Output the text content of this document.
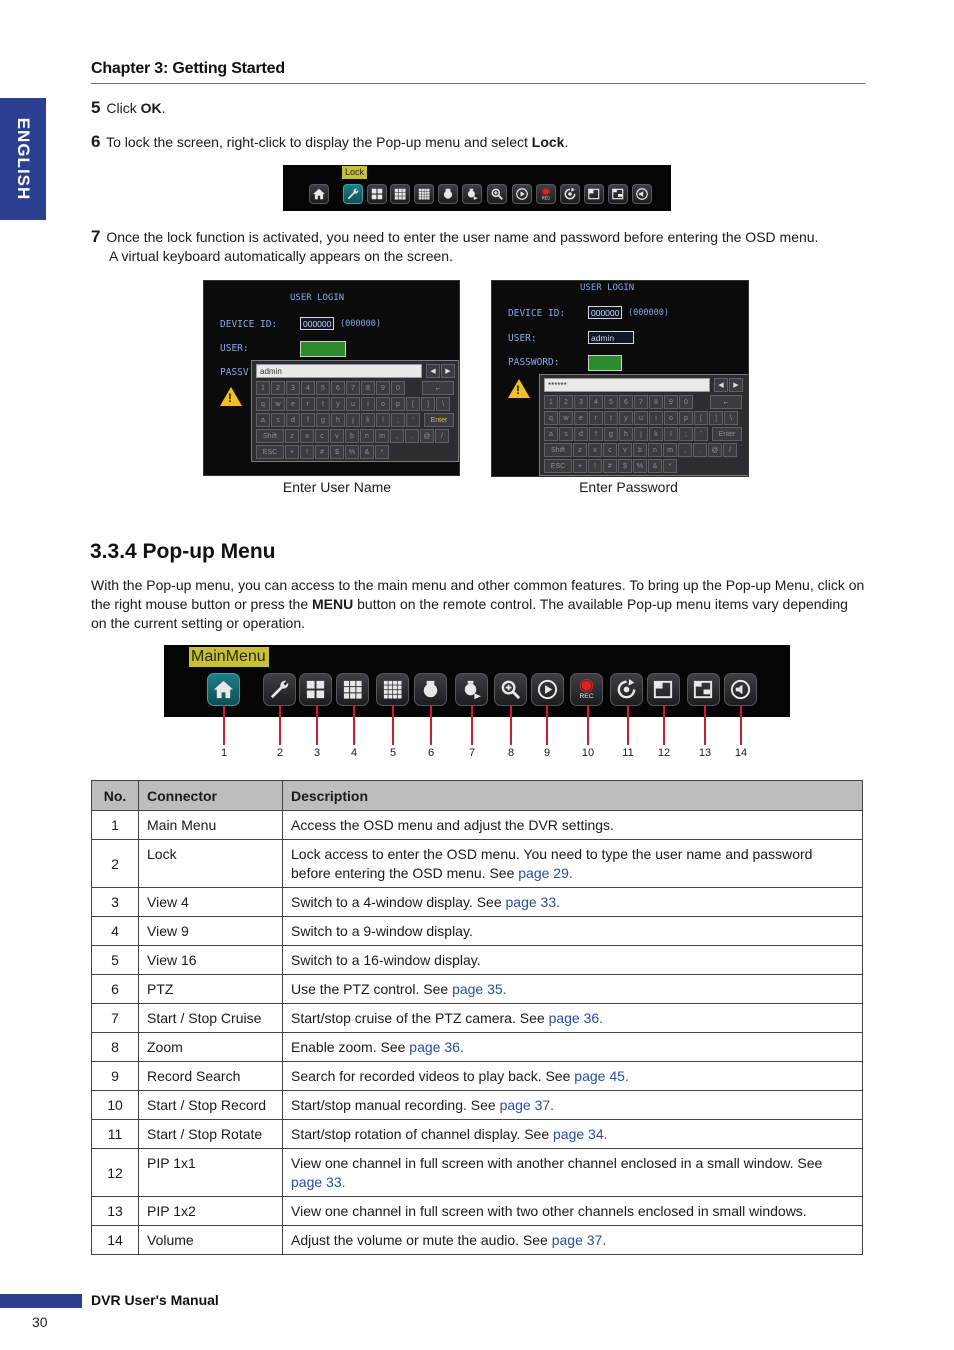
Chapter 3: Getting Started
ENGLISH
5 Click OK.
6 To lock the screen, right-click to display the Pop-up menu and select Lock.
Lock
REC
7 Once the lock function is activated, you need to enter the user name and password before entering the OSD menu.
A virtual keyboard automatically appears on the screen.
USER LOGIN
DEVICE ID:	000000	(000000)
USER:
PASSV
!	admin	◀	▶
1	2	3	4	5	6	7	8	9	0
q	w	e	r	t	y	u	i	o	p	[	]	\
a	s	d	f	g	h	j	k	l	;	'
Shift	z	x	c	v	b	n	m	,	.	@	/
ESC	+	!	#	$	%	&	*
←
Enter
USER LOGIN
DEVICE ID:	000000	(000000)
USER:	admin
PASSWORD:
!
******	◀	▶
1	2	3	4	5	6	7	8	9	0
q	w	e	r	t	y	u	i	o	p	[	]	\
a	s	d	f	g	h	j	k	l	;	'
Shift	z	x	c	v	b	n	m	,	.	@	/
ESC	+	!	#	$	%	&	*
←
Enter
Enter User Name	Enter Password
3.3.4 Pop-up Menu
With the Pop-up menu, you can access to the main menu and other common features. To bring up the Pop-up Menu, click on the right mouse button or press the MENU button on the remote control. The available Pop-up menu items vary depending on the current setting or operation.
MainMenu
REC
1	2	3	4	5	6	7	8	9	10	11 12	13 14
No.	Connector	Description
1	Main Menu	Access the OSD menu and adjust the DVR settings.
2	Lock	Lock access to enter the OSD menu. You need to type the user name and password before entering the OSD menu. See page 29.
3	View 4	Switch to a 4-window display. See page 33.
4	View 9	Switch to a 9-window display.
5	View 16	Switch to a 16-window display.
6	PTZ	Use the PTZ control. See page 35.
7	Start / Stop Cruise	Start/stop cruise of the PTZ camera. See page 36.
8	Zoom	Enable zoom. See page 36.
9	Record Search	Search for recorded videos to play back. See page 45.
10	Start / Stop Record	Start/stop manual recording. See page 37.
11	Start / Stop Rotate	Start/stop rotation of channel display. See page 34.
12	PIP 1x1	View one channel in full screen with another channel enclosed in a small window. See page 33.
13	PIP 1x2	View one channel in full screen with two other channels enclosed in small windows.
14	Volume	Adjust the volume or mute the audio. See page 37.
DVR User's Manual
30
